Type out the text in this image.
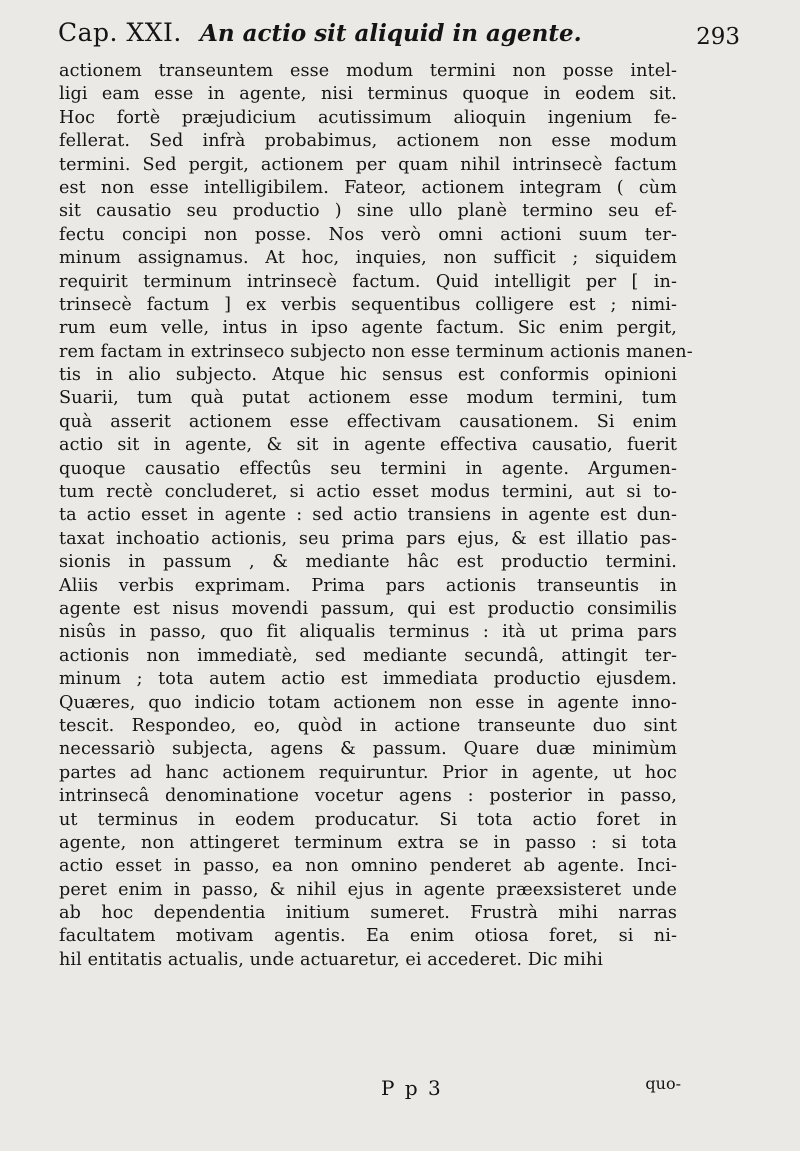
Cap. XXI. An actio sit aliquid in agente.	293
actionem transeuntem esse modum termini non posse intel-
ligi eam esse in agente, nisi terminus quoque in eodem sit.
Hoc fortè præjudicium acutissimum alioquin ingenium fe-
fellerat. Sed infrà probabimus, actionem non esse modum
termini. Sed pergit, actionem per quam nihil intrinsecè factum
est non esse intelligibilem. Fateor, actionem integram ( cùm
sit causatio seu productio ) sine ullo planè termino seu ef-
fectu concipi non posse. Nos verò omni actioni suum ter-
minum assignamus. At hoc, inquies, non sufficit ; siquidem
requirit terminum intrinsecè factum. Quid intelligit per [ in-
trinsecè factum ] ex verbis sequentibus colligere est ; nimi-
rum eum velle, intus in ipso agente factum. Sic enim pergit,
rem factam in extrinseco subjecto non esse terminum actionis manen-
tis in alio subjecto. Atque hic sensus est conformis opinioni
Suarii, tum quà putat actionem esse modum termini, tum
quà asserit actionem esse effectivam causationem. Si enim
actio sit in agente, & sit in agente effectiva causatio, fuerit
quoque causatio effectûs seu termini in agente. Argumen-
tum rectè concluderet, si actio esset modus termini, aut si to-
ta actio esset in agente : sed actio transiens in agente est dun-
taxat inchoatio actionis, seu prima pars ejus, & est illatio pas-
sionis in passum , & mediante hâc est productio termini.
Aliis verbis exprimam. Prima pars actionis transeuntis in
agente est nisus movendi passum, qui est productio consimilis
nisûs in passo, quo fit aliqualis terminus : ità ut prima pars
actionis non immediatè, sed mediante secundâ, attingit ter-
minum ; tota autem actio est immediata productio ejusdem.
Quæres, quo indicio totam actionem non esse in agente inno-
tescit. Respondeo, eo, quòd in actione transeunte duo sint
necessariò subjecta, agens & passum. Quare duæ minimùm
partes ad hanc actionem requiruntur. Prior in agente, ut hoc
intrinsecâ denominatione vocetur agens : posterior in passo,
ut terminus in eodem producatur. Si tota actio foret in
agente, non attingeret terminum extra se in passo : si tota
actio esset in passo, ea non omnino penderet ab agente. Inci-
peret enim in passo, & nihil ejus in agente præexsisteret unde
ab hoc dependentia initium sumeret. Frustrà mihi narras
facultatem motivam agentis. Ea enim otiosa foret, si ni-
hil entitatis actualis, unde actuaretur, ei accederet. Dic mihi
P p 3	quo-
